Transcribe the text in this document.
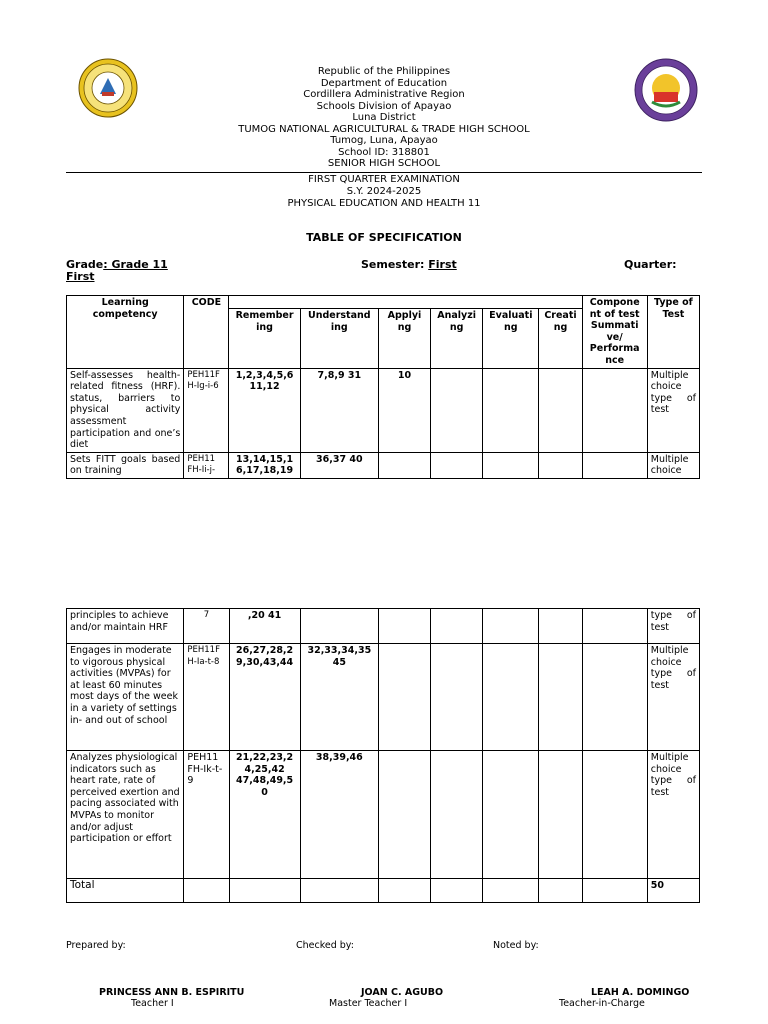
Republic of the Philippines
Department of Education
Cordillera Administrative Region
Schools Division of Apayao
Luna District
TUMOG NATIONAL AGRICULTURAL & TRADE HIGH SCHOOL
Tumog, Luna, Apayao
School ID: 318801
SENIOR HIGH SCHOOL
FIRST QUARTER EXAMINATION
S.Y. 2024-2025
PHYSICAL EDUCATION AND HEALTH 11
TABLE OF SPECIFICATION
Grade: Grade 11	Semester: First	Quarter:
First
Learning competency	CODE							Compone nt of test Summati ve/ Performa nce	Type of Test
		Remember ing	Understand ing	Applyi ng	Analyzi ng	Evaluati ng	Creati ng		
Self-assesses health-related fitness (HRF). status, barriers to physical activity assessment participation and one’s diet	PEH11F H-Ig-i-6	1,2,3,4,5,6 11,12	7,8,9 31	10					Multiple choice type of test
Sets FITT goals based on training	PEH11 FH-Ii-j-	13,14,15,1 6,17,18,19	36,37 40						Multiple choice
principles to achieve and/or maintain HRF	7	,20 41							type of test
Engages in moderate to vigorous physical activities (MVPAs) for at least 60 minutes most days of the week in a variety of settings in- and out of school	PEH11F H-Ia-t-8	26,27,28,2 9,30,43,44	32,33,34,35 45						Multiple choice type of test
Analyzes physiological indicators such as heart rate, rate of perceived exertion and pacing associated with MVPAs to monitor and/or adjust participation or effort	PEH11 FH-Ik-t-9	21,22,23,2 4,25,42 47,48,49,5 0	38,39,46						Multiple choice type of test
Total									50
Prepared by:	Checked by:	Noted by:
PRINCESS ANN B. ESPIRITU
Teacher I
JOAN C. AGUBO
Master Teacher I
LEAH A. DOMINGO
Teacher-in-Charge
